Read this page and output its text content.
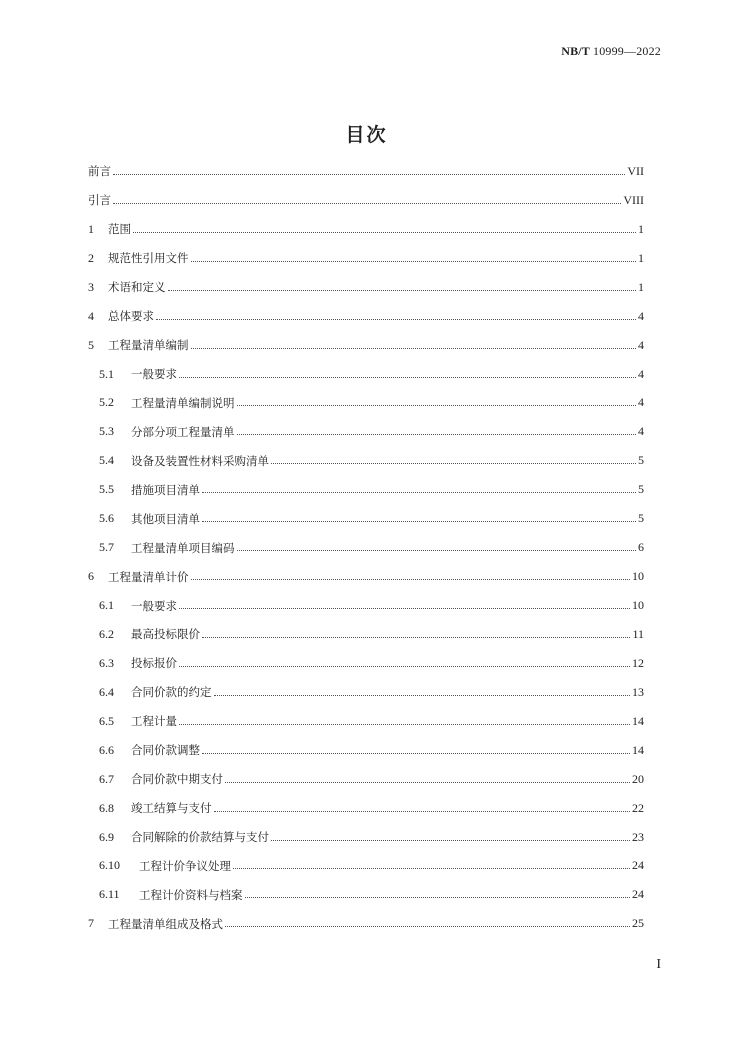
NB/T 10999—2022
目次
前言	VII
引言	VIII
1	范围	1
2	规范性引用文件	1
3	术语和定义	1
4	总体要求	4
5	工程量清单编制	4
5.1	一般要求	4
5.2	工程量清单编制说明	4
5.3	分部分项工程量清单	4
5.4	设备及装置性材料采购清单	5
5.5	措施项目清单	5
5.6	其他项目清单	5
5.7	工程量清单项目编码	6
6	工程量清单计价	10
6.1	一般要求	10
6.2	最高投标限价	11
6.3	投标报价	12
6.4	合同价款的约定	13
6.5	工程计量	14
6.6	合同价款调整	14
6.7	合同价款中期支付	20
6.8	竣工结算与支付	22
6.9	合同解除的价款结算与支付	23
6.10	工程计价争议处理	24
6.11	工程计价资料与档案	24
7	工程量清单组成及格式	25
I
